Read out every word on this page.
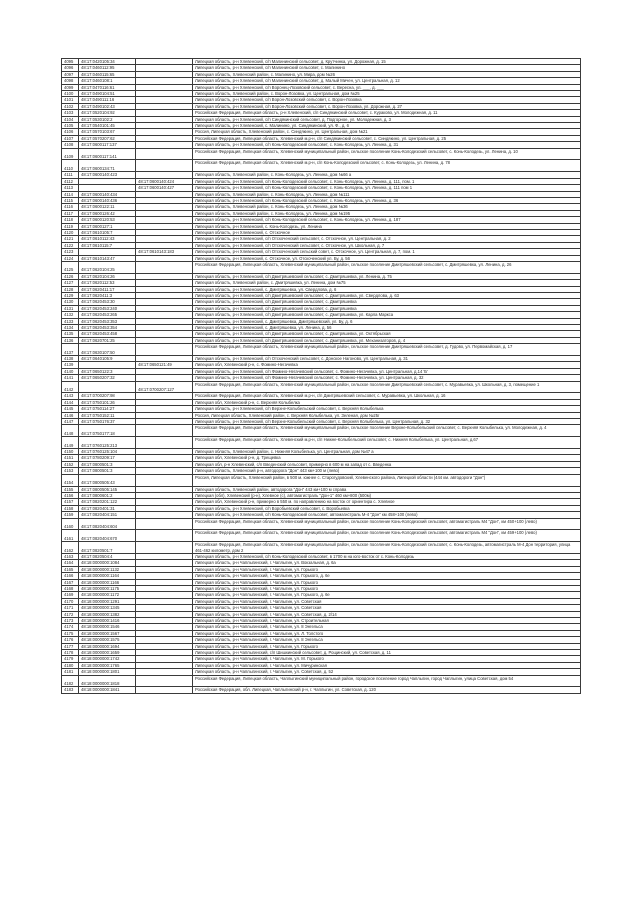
4095	48:17:0420105:34		Липецкая область, р-н Хлевенский, с/п Малининский сельсовет, д. Крутчинка, ул. Дорожная, д. 15
4096	48:17:0460112:95		Липецкая область, р-н Хлевенский, с/п Малининский сельсовет, с. Малинино
4097	48:17:0460115:65		Липецкая область, Хлевенский район, с. Малинино, ул. Мира, дом №26
4098	48:17:0460108:1		Липецкая область, р-н Хлевенский, с/п Малининский сельсовет, д. Малый Мичен, ул. Центральная, д. 12
4099	48:17:0470116:61		Липецкая область, р-н Хлевенский, с/п Воронец-Лозовский сельсовет, с. Вересна, ул. ___, д. ___
4100	48:17:0490104:51		Липецкая область, Хлевенский район, с. Ворон-Лозовка, ул. Центральная, дом №25
4101	48:17:0490111:16		Липецкая область, р-н Хлевенский, с/п Ворон-Лозовский сельсовет, с. Ворон-Лозовка
4102	48:17:0490102:43		Липецкая область, р-н Хлевенский, с/п Ворон-Лозовский сельсовет, с. Ворон-Лозовка, ул. Дорожная, д. 27
4103	48:17:0520104:92		Российская Федерация, Липецкая область, р-н Хлевенский, с/п Синдякинский сельсовет, с. Кураково, ул. Молодежная, д. 11
4104	48:17:0530102:2		Липецкая область, р-н Хлевенский, с/п Синдякинский сельсовет, д. Подгорное, ул. Молодежная, д. 3
4105	48:17:0540101:45		Липецкая область, р-н Хлевенский, с. Малинино, ул. Синдякинский, ул. Ф., д. 6
4106	48:17:0570103:67		Россия, Липецкая область, Хлевенский район, с. Синдякино, ул. Центральная, дом №21
4107	48:17:0570207:62		Российская Федерация, Липецкая область, Хлевенский м.р-н, с/п Синдякинский сельсовет, с. Синдякино, ул. Центральная, д. 25
4108	48:17:0600117:137		Липецкая область, р-н Хлевенский, с/п Конь-Колодезский сельсовет, с. Конь-Колодезь, ул. Ленина, д. 31
4109	48:17:0600117:141		Российская Федерация, Липецкая область, Хлевенский муниципальный район, сельское поселение Конь-Колодезский сельсовет, с. Конь-Колодезь, ул. Ленина, д. 10
4110	48:17:0600134:71		Российская Федерация, Липецкая область, Хлевенский м.р-н, с/п Конь-Колодезский сельсовет, с. Конь-Колодезь, ул. Ленина, д. 78
4111	48:17:0600140:423		Липецкая область, Хлевенский район, с. Конь-Колодезь, ул. Ленина, дом №66 а
4112		48:17:0600140:424	Липецкая область, р-н Хлевенский, с/п Конь-Колодезский сельсовет, с. Конь-Колодезь, ул. Ленина, д. 111, пом. 1
4113		48:17:0600140:427	Липецкая область, р-н Хлевенский, с/п Конь-Колодезский сельсовет, с. Конь-Колодезь, ул. Ленина, д. 111 пом 1
4114	48:17:0600140:434		Липецкая область, Хлевенский район, с. Конь-Колодезь, ул. Ленина, дом №111
4115	48:17:0600140:436		Липецкая область, р-н Хлевенский, с/п Конь-Колодезский сельсовет, с. Конь-Колодезь, ул. Ленина, д. 36
4116	48:17:0600122:11		Липецкая область, Хлевенский район, с. Конь-Колодезь, ул. Ленина, дом №36
4117	48:17:0600126:42		Липецкая область, Хлевенский район, с. Конь-Колодезь, ул. Ленина, дом №195
4118	48:17:0600120:53		Липецкая область, р-н Хлевенский, с/п Конь-Колодезский сельсовет, с. Конь-Колодезь, ул. Ленина, д. 187
4119	48:17:0600127:1		Липецкая область, р-н Хлевенский, с. Конь-Колодезь, ул. Ленина
4120	48:17:0610105:7		Липецкая область, р-н Хлевенский, с. Отскочное
4121	48:17:0610112:43		Липецкая область, р-н Хлевенский, с/п Отскоченский сельсовет, с. Отскочное, ул. Центральная, д. 2
4122	48:17:0610115:7		Липецкая область, р-н Хлевенский, с/п Отскоченский сельсовет, с. Отскочное, ул. Школьная, д. 7
4123		48:17:0610143:183	Липецкая область, р-н Хлевенский, с/п Отскоченский сельский совет, с. Отскочное, ул. Центральная, д. 7, пом. 1
4124	48:17:0610143:47		Липецкая область, р-н Хлевенский, с. Отскочное, ул. Отскоченский ул. Бу, д. 56
4125	48:17:0620104:25		Российская Федерация, Липецкая область, Хлевенский муниципальный район, сельское поселение Дмитряшевский сельсовет, с. Дмитряшевка, ул. Ленина, д. 26
4126	48:17:0620104:26		Липецкая область, р-н Хлевенский, с/п Дмитряшевский сельсовет, с. Дмитряшевка, ул. Ленина, д. 75
4127	48:17:0620112:53		Липецкая область, Хлевенский район, с. Дмитряшевка, ул. Ленина, дом №75
4128	48:17:0620411:17		Липецкая область, р-н Хлевенский, с. Дмитряшевка, ул. Свердлова, д. 6
4129	48:17:0620411:3		Липецкая область, р-н Хлевенский, с/п Дмитряшевский сельсовет, с. Дмитряшевка, ул. Свердлова, д. 63
4130	48:17:0620453:30		Липецкая область, р-н Хлевенский, с/п Дмитряшевский сельсовет, с. Дмитряшевка
4131	48:17:0620453:240		Липецкая область, р-н Хлевенский, с/п Дмитряшевский сельсовет, с. Дмитряшевка
4132	48:17:0620453:265		Липецкая область, р-н Хлевенский, с/п Дмитряшевский сельсовет, с. Дмитряшевка, ул. Карла Маркса
4133	48:17:0620453:353		Липецкая область, р-н Хлевенский, с. Дмитряшевка, Дмитряшевский, ул. Бу, д. 6
4134	48:17:0620453:354		Липецкая область, р-н Хлевенский, с. Дмитряшевка, ул. Ленина, д. 56
4135	48:17:0620453:458		Липецкая область, р-н Хлевенский, с/п Дмитряшевский сельсовет, с. Дмитряшевка, ул. Октябрьская
4136	48:17:0620701:25		Липецкая область, р-н Хлевенский, с/п Дмитряшевский сельсовет, с. Дмитряшевка, ул. Механизаторов, д. 4
4137	48:17:0630107:50		Российская Федерация, Липецкая область, Хлевенский муниципальный район, сельское поселение Дмитряшевский сельсовет, д. Гудово, ул. Первомайская, д. 17
4138	48:17:0640105:9		Липецкая область, р-н Хлевенский, с/п Отскоченский сельсовет, с. Донское Нагоново, ул. Центральная, д. 31
4139		48:17:0650121:49	Липецкая обл, Хлевенский р-н, с. Фомино-Негачевка
4140	48:17:0650122:3		Липецкая область, р-н Хлевенский, с/п Фомино-Негачевский сельсовет, с. Фомино-Негачевка, ул. Центральная, д.14 'Б'
4141	48:17:0650207:32		Липецкая область, р-н Хлевенский, с/п Фомино-Негачевский сельсовет, с. Фомино-Негачевка, ул. Центральная, д. 32
4142		48:17:0700207:127	Российская Федерация, Липецкая область, Хлевенский муниципальный район, сельское поселение Дмитряшевский сельсовет, с. Муравьевка, ул. Школьная, д. 3, помещение 1
4143	48:17:0700207:98		Российская Федерация, Липецкая область, Хлевенский м.р-н, с/п Дмитряшевский сельсовет, с. Муравьевка, ул. Школьная, д. 16
4144	48:17:0750101:26		Липецкая обл, Хлевенский р-н, с. Верхняя Колыбелка
4145	48:17:0750114:27		Липецкая область, р-н Хлевенский, с/п Верхне-Колыбельский сельсовет, с. Верхняя Колыбелька
4146	48:17:0750152:11		Россия, Липецкая область, Хлевенский район, с. Верхняя Колыбелька, ул. Зеленая, дом №25г
4147	48:17:0750176:37		Липецкая область, р-н Хлевенский, с/п Верхне-Колыбельский сельсовет, с. Верхняя Колыбелька, ул. Центральная, д. 32
4148	48:17:0750177:18		Российская Федерация, Липецкая область, Хлевенский муниципальный район, сельское поселение Верхне-Колыбельский сельсовет, с. Верхняя Колыбелька, ул. Молодежная, д. 4
4149	48:17:0760125:213		Российская Федерация, Липецкая область, Хлевенский м.р-н, с/п Нижне-Колыбельский сельсовет, с. Нижняя Колыбелька, ул. Центральная, д.67
4150	48:17:0760125:104		Липецкая область, Хлевенский район, с. Нижняя Колыбелька, ул. Центральная, дом №47 а
4151	48:17:0780209:17		Липецкая обл, Хлевенский р-н, д. Трещевка
4152	48:17:0800501:3		Липецкая обл, р-н Хлевенский, с/п Введенский сельсовет, примерно в 600 м на запад от с. Введенка
4153	48:17:0800501:3		Липецкая область, Хлевенский р-н, автодорога "Дон" 443 км+100 м (лево)
4154	48:17:0800505:43		Россия, Липецкая область, Хлевенский район, в 500 м. южнее с. Старогудовский, Хлевенского района, Липецкой области (444 км. автодороги "Дон")
4155	48:17:0800505:145		Липецкая область, Хлевенский район, автодорога "Дон" 443 км+100 м справа
4156	48:17:0800601:2		Липецкая (обл), Хлевенский (р-н), Хлевное (с), автомагистраль "Дон-1" 460 км+800 (500м)
4157	48:17:0820201:122		Липецкая обл, Хлевенский р-н, примерно в 550 м. по направлению на восток от ориентира с. Хлевное
4158	48:17:0820401:31		Липецкая область, р-н Хлевенский, с/п Воробьевский сельсовет, с. Воробьевка
4159	48:17:0820404:151		Липецкая область, р-н Хлевенский, с/п Конь-Колодезский сельсовет, автомагистраль М-4 "Дон" км 458+100 (лево)
4160	48:17:0820404:604		Российская Федерация, Липецкая область, Хлевенский муниципальный район, сельское поселение Конь-Колодезский сельсовет, автомагистраль М4 "Дон", км 450+100 (лево)
4161	48:17:0820404:670		Российская Федерация, Липецкая область, Хлевенский муниципальный район, сельское поселение Конь-Колодезский сельсовет, автомагистраль М4 "Дон", км 459+100 (лево)
4162	48:17:0820501:7		Российская Федерация, Липецкая область, Хлевенский муниципальный район, сельское поселение Конь-Колодезский сельсовет, с. Конь-Колодезь, автомагистраль М-4 Дон территория, улица 461-462 километр, дом 2
4163	48:17:0820504:4		Липецкая область, р-н Хлевенский, с/п Конь-Колодезский сельсовет, в 1700 м на юго-восток от с. Конь-Колодезь
4164	48:18:0000000:1084		Липецкая область, р-н Чаплыгинский, г. Чаплыгин, ул. Вокзальная, д. 6а
4165	48:18:0000000:1132		Липецкая область, р-н Чаплыгинский, г. Чаплыгин, ул. Горького
4166	48:18:0000000:1164		Липецкая область, р-н Чаплыгинский, г. Чаплыгин, ул. Горького, д. 6е
4167	48:18:0000000:1166		Липецкая область, р-н Чаплыгинский, г. Чаплыгин, ул. Горького
4168	48:18:0000000:1175		Липецкая область, р-н Чаплыгинский, г. Чаплыгин, ул. Горького
4169	48:18:0000000:1172		Липецкая область, р-н Чаплыгинский, г. Чаплыгин, ул. Горького, д. 6е
4170	48:18:0000000:1291		Липецкая область, р-н Чаплыгинский, г. Чаплыгин, ул. Советская
4171	48:18:0000000:1345		Липецкая область, р-н Чаплыгинский, г. Чаплыгин, ул. Советская
4172	48:18:0000000:1382		Липецкая область, р-н Чаплыгинский, г. Чаплыгин, ул. Советская, д. 2/14
4173	48:18:0000000:1416		Липецкая область, р-н Чаплыгинский, г. Чаплыгин, ул. Строительная
4174	48:18:0000000:1546		Липецкая область, р-н Чаплыгинский, г. Чаплыгин, ул. 8 Энгельса
4175	48:18:0000000:1567		Липецкая область, р-н Чаплыгинский, г. Чаплыгин, ул. Л. Толстого
4176	48:18:0000000:1575		Липецкая область, р-н Чаплыгинский, г. Чаплыгин, ул. 8 Энгельса
4177	48:18:0000000:1694		Липецкая область, р-н Чаплыгинский, г. Чаплыгин, ул. Горького
4178	48:18:0000000:1659		Липецкая область, р-н Чаплыгинский, с/п Шишкинский сельсовет, д. Рощинский, ул. Советская, д. 11
4179	48:18:0000000:1742		Липецкая область, р-н Чаплыгинский, г. Чаплыгин, ул. М. Горького
4180	48:18:0000000:1765		Липецкая область, р-н Чаплыгинский, г. Чаплыгин, ул. Мичуринская
4181	48:18:0000000:1801		Липецкая область, р-н Чаплыгинский, г. Чаплыгин, ул. Советская, д. 52
4182	48:18:0000000:1818		Российская Федерация, Липецкая область, Чаплыгинский муниципальный район, городское поселение город Чаплыгин, город Чаплыгин, улица Советская, дом 54
4183	48:18:0000000:1841		Российская Федерация, обл. Липецкая, Чаплыгинский р-н, г. Чаплыгин, ул. Советская, д. 120
